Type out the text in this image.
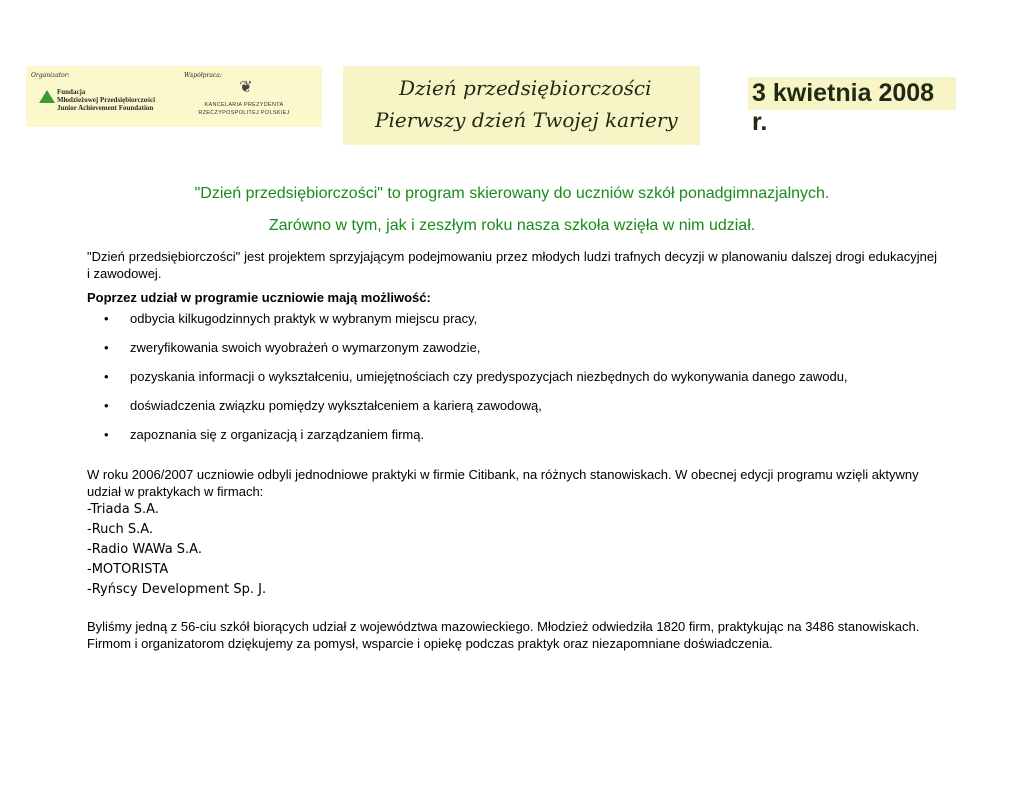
Organizator:	Współpraca:
Fundacja
Młodzieżowej Przedsiębiorczości
Junior Achievement Foundation
❦
KANCELARIA PREZYDENTA
RZECZYPOSPOLITEJ POLSKIEJ
Dzień przedsiębiorczości
Pierwszy dzień Twojej kariery
3 kwietnia 2008 r.
"Dzień przedsiębiorczości" to program skierowany do uczniów szkół ponadgimnazjalnych.
Zarówno w tym, jak i zeszłym roku nasza szkoła wzięła w nim udział.
"Dzień przedsiębiorczości" jest projektem sprzyjającym podejmowaniu przez młodych ludzi trafnych decyzji w planowaniu dalszej drogi edukacyjnej i zawodowej.
Poprzez udział w programie uczniowie mają możliwość:
• odbycia kilkugodzinnych praktyk w wybranym miejscu pracy,
• zweryfikowania swoich wyobrażeń o wymarzonym zawodzie,
• pozyskania informacji o wykształceniu, umiejętnościach czy predyspozycjach niezbędnych do wykonywania danego zawodu,
• doświadczenia związku pomiędzy wykształceniem a karierą zawodową,
• zapoznania się z organizacją i zarządzaniem firmą.
W roku 2006/2007 uczniowie odbyli jednodniowe praktyki w firmie Citibank, na różnych stanowiskach. W obecnej edycji programu wzięli aktywny udział w praktykach w firmach:
-Triada S.A.
-Ruch S.A.
-Radio WAWa S.A.
-MOTORISTA
-Ryńscy Development Sp. J.
Byliśmy jedną z 56-ciu szkół biorących udział z województwa mazowieckiego. Młodzież odwiedziła 1820 firm, praktykując na 3486 stanowiskach.
Firmom i organizatorom dziękujemy za pomysł, wsparcie i opiekę podczas praktyk oraz niezapomniane doświadczenia.
